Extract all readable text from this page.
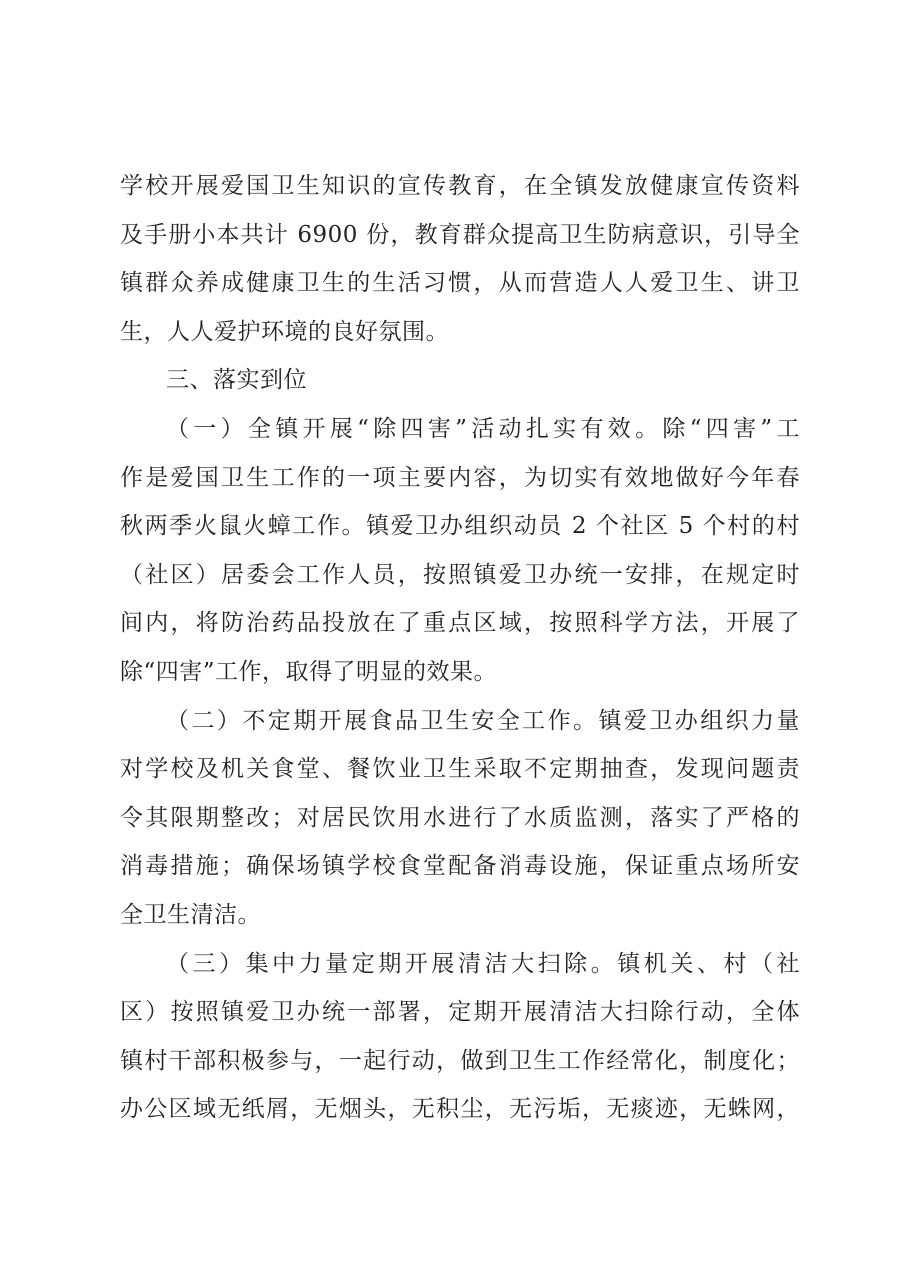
学校开展爱国卫生知识的宣传教育，在全镇发放健康宣传资料
及手册小本共计 6900 份，教育群众提高卫生防病意识，引导全
镇群众养成健康卫生的生活习惯，从而营造人人爱卫生、讲卫
生，人人爱护环境的良好氛围。
三、落实到位
（一）全镇开展“除四害”活动扎实有效。除“四害”工
作是爱国卫生工作的一项主要内容，为切实有效地做好今年春
秋两季火鼠火蟑工作。镇爱卫办组织动员 2 个社区 5 个村的村
（社区）居委会工作人员，按照镇爱卫办统一安排，在规定时
间内，将防治药品投放在了重点区域，按照科学方法，开展了
除“四害”工作，取得了明显的效果。
（二）不定期开展食品卫生安全工作。镇爱卫办组织力量
对学校及机关食堂、餐饮业卫生采取不定期抽查，发现问题责
令其限期整改；对居民饮用水进行了水质监测，落实了严格的
消毒措施；确保场镇学校食堂配备消毒设施，保证重点场所安
全卫生清洁。
（三）集中力量定期开展清洁大扫除。镇机关、村（社
区）按照镇爱卫办统一部署，定期开展清洁大扫除行动，全体
镇村干部积极参与，一起行动，做到卫生工作经常化，制度化；
办公区域无纸屑，无烟头，无积尘，无污垢，无痰迹，无蛛网，
